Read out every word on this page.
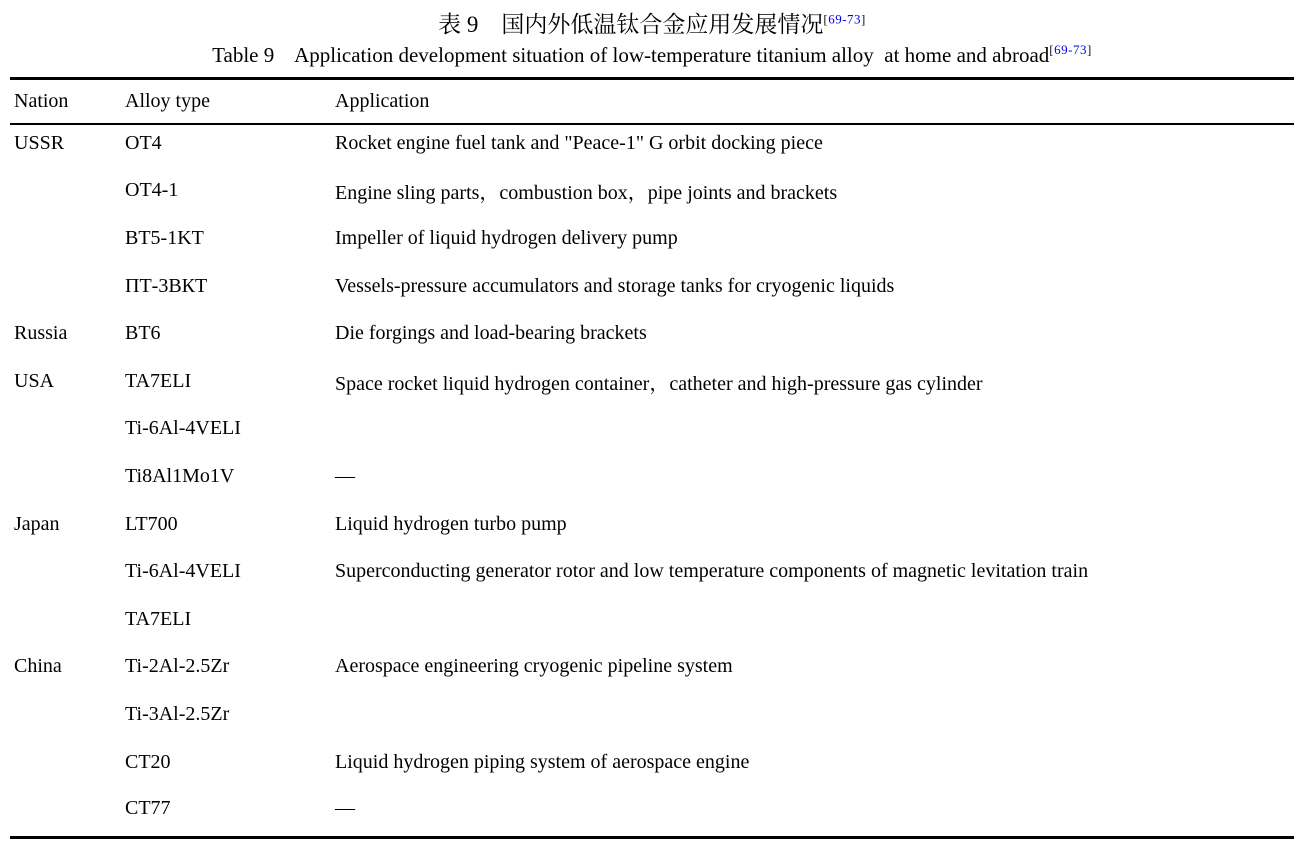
表 9　国内外低温钛合金应用发展情况[69-73]
Table 9    Application development situation of low-temperature titanium alloy  at home and abroad[69-73]
Nation	Alloy type	Application
USSR	OT4	Rocket engine fuel tank and "Peace-1" G orbit docking piece
	OT4-1	Engine sling parts，combustion box，pipe joints and brackets
	BT5-1KT	Impeller of liquid hydrogen delivery pump
	ПТ-3ВКТ	Vessels-pressure accumulators and storage tanks for cryogenic liquids
Russia	BT6	Die forgings and load-bearing brackets
USA	TA7ELI	Space rocket liquid hydrogen container，catheter and high-pressure gas cylinder
	Ti-6Al-4VELI	
	Ti8Al1Mo1V	—
Japan	LT700	Liquid hydrogen turbo pump
	Ti-6Al-4VELI	Superconducting generator rotor and low temperature components of magnetic levitation train
	TA7ELI	
China	Ti-2Al-2.5Zr	Aerospace engineering cryogenic pipeline system
	Ti-3Al-2.5Zr	
	CT20	Liquid hydrogen piping system of aerospace engine
	CT77	—
